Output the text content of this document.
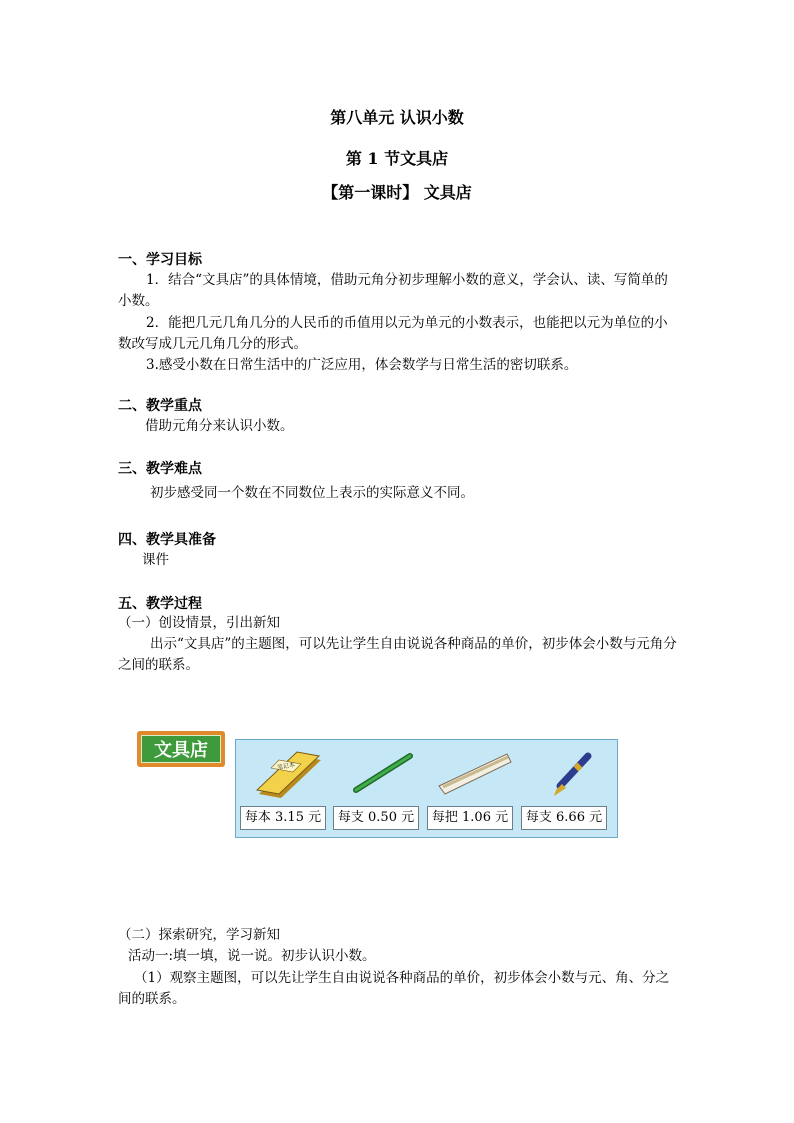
第八单元 认识小数
第 1 节文具店
【第一课时】 文具店
一、学习目标
1．结合“文具店”的具体情境，借助元角分初步理解小数的意义，学会认、读、写简单的小数。
2．能把几元几角几分的人民币的币值用以元为单元的小数表示，也能把以元为单位的小数改写成几元几角几分的形式。
3.感受小数在日常生活中的广泛应用，体会数学与日常生活的密切联系。
二、教学重点
借助元角分来认识小数。
三、教学难点
初步感受同一个数在不同数位上表示的实际意义不同。
四、教学具准备
课件
五、教学过程
（一）创设情景，引出新知
出示“文具店”的主题图，可以先让学生自由说说各种商品的单价，初步体会小数与元角分之间的联系。
文具店
笔记本
每本 3.15 元	每支 0.50 元	每把 1.06 元	每支 6.66 元
（二）探索研究，学习新知
活动一:填一填，说一说。初步认识小数。
（1）观察主题图，可以先让学生自由说说各种商品的单价，初步体会小数与元、角、分之间的联系。
